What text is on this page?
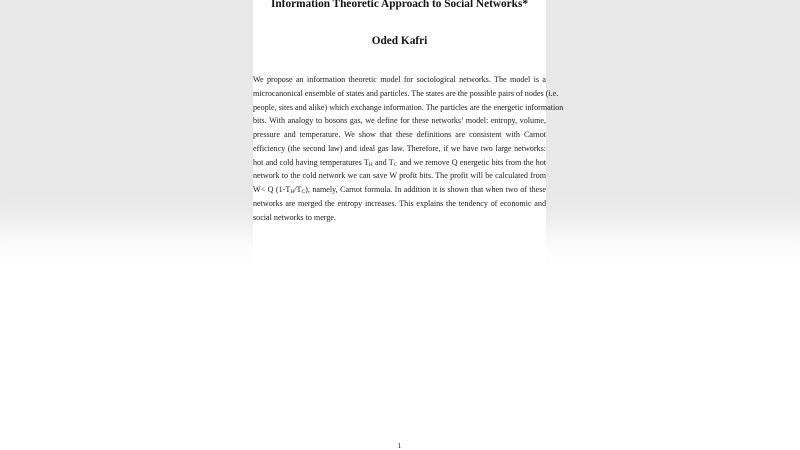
Information Theoretic Approach to Social Networks*
Oded Kafri
We propose an information theoretic model for sociological networks. The model is a
microcanonical ensemble of states and particles. The states are the possible pairs of nodes (i.e.
people, sites and alike) which exchange information. The particles are the energetic information
bits. With analogy to bosons gas, we define for these networks’ model: entropy, volume,
pressure and temperature. We show that these definitions are consistent with Carnot
efficiency (the second law) and ideal gas law. Therefore, if we have two large networks:
hot and cold having temperatures $T_H$ and $T_C$ and we remove Q energetic bits from the hot
network to the cold network we can save W profit bits. The profit will be calculated from
W< Q $(1-T_H/T_C)$, namely, Carnot formula. In addition it is shown that when two of these
networks are merged the entropy increases. This explains the tendency of economic and
social networks to merge.
1
